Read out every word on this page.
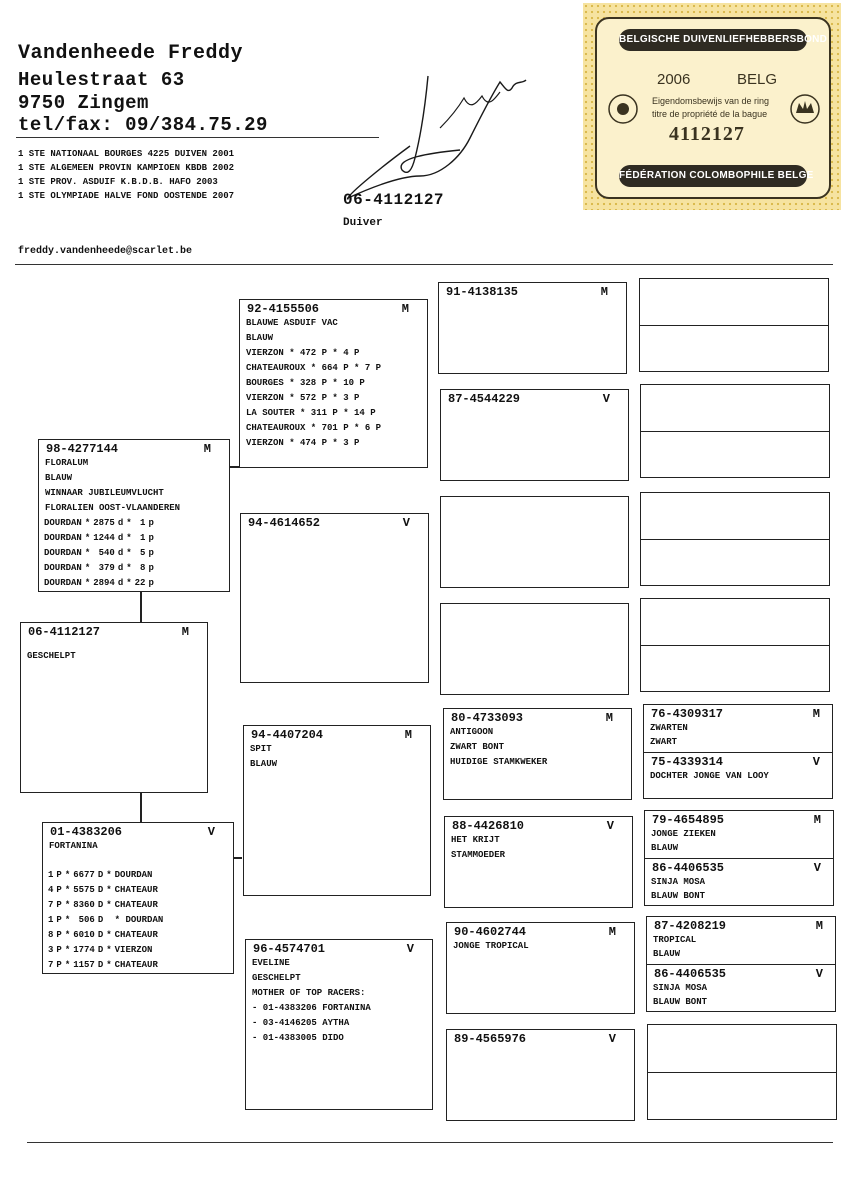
Vandenheede Freddy
Heulestraat 63
9750 Zingem
tel/fax: 09/384.75.29
1 STE NATIONAAL BOURGES 4225 DUIVEN 2001
1 STE ALGEMEEN PROVIN KAMPIOEN KBDB 2002
1 STE PROV. ASDUIF K.B.D.B. HAFO 2003
1 STE OLYMPIADE HALVE FOND OOSTENDE 2007	06-4112127
Duiver
freddy.vandenheede@scarlet.be
BELGISCHE DUIVENLIEFHEBBERSBOND
2006	BELG
Eigendomsbewijs van de ring
titre de propriété de la bague
4112127
FÉDÉRATION COLOMBOPHILE BELGE
06-4112127	M
GESCHELPT
98-4277144	M
FLORALUM
BLAUW
WINNAAR JUBILEUMVLUCHT
FLORALIEN OOST-VLAANDEREN
DOURDAN	*	2875	d	*	1	p
DOURDAN	*	1244	d	*	1	p
DOURDAN	*	540	d	*	5	p
DOURDAN	*	379	d	*	8	p
DOURDAN	*	2894	d	*	22	p
01-4383206	V
FORTANINA
1	P	*	6677	D	*	DOURDAN
4	P	*	5575	D	*	CHATEAUR
7	P	*	8360	D	*	CHATEAUR
1	P	*	506	D		* DOURDAN
8	P	*	6010	D	*	CHATEAUR
3	P	*	1774	D	*	VIERZON
7	P	*	1157	D	*	CHATEAUR
92-4155506	M
BLAUWE ASDUIF VAC
BLAUW
VIERZON * 472 P * 4 P
CHATEAUROUX * 664 P * 7 P
BOURGES * 328 P * 10 P
VIERZON * 572 P * 3 P
LA SOUTER * 311 P * 14 P
CHATEAUROUX * 701 P * 6 P
VIERZON * 474 P * 3 P
94-4614652	V
94-4407204	M
SPIT
BLAUW
96-4574701	V
EVELINE
GESCHELPT
MOTHER OF TOP RACERS:
- 01-4383206 FORTANINA
- 03-4146205 AYTHA
- 01-4383005 DIDO
91-4138135	M
87-4544229	V
80-4733093	M
ANTIGOON
ZWART BONT
HUIDIGE STAMKWEKER
88-4426810	V
HET KRIJT
STAMMOEDER
90-4602744	M
JONGE TROPICAL
89-4565976	V
76-4309317	M
ZWARTEN
ZWART
75-4339314	V
DOCHTER JONGE VAN LOOY
79-4654895	M
JONGE ZIEKEN
BLAUW
86-4406535	V
SINJA MOSA
BLAUW BONT
87-4208219	M
TROPICAL
BLAUW
86-4406535	V
SINJA MOSA
BLAUW BONT
